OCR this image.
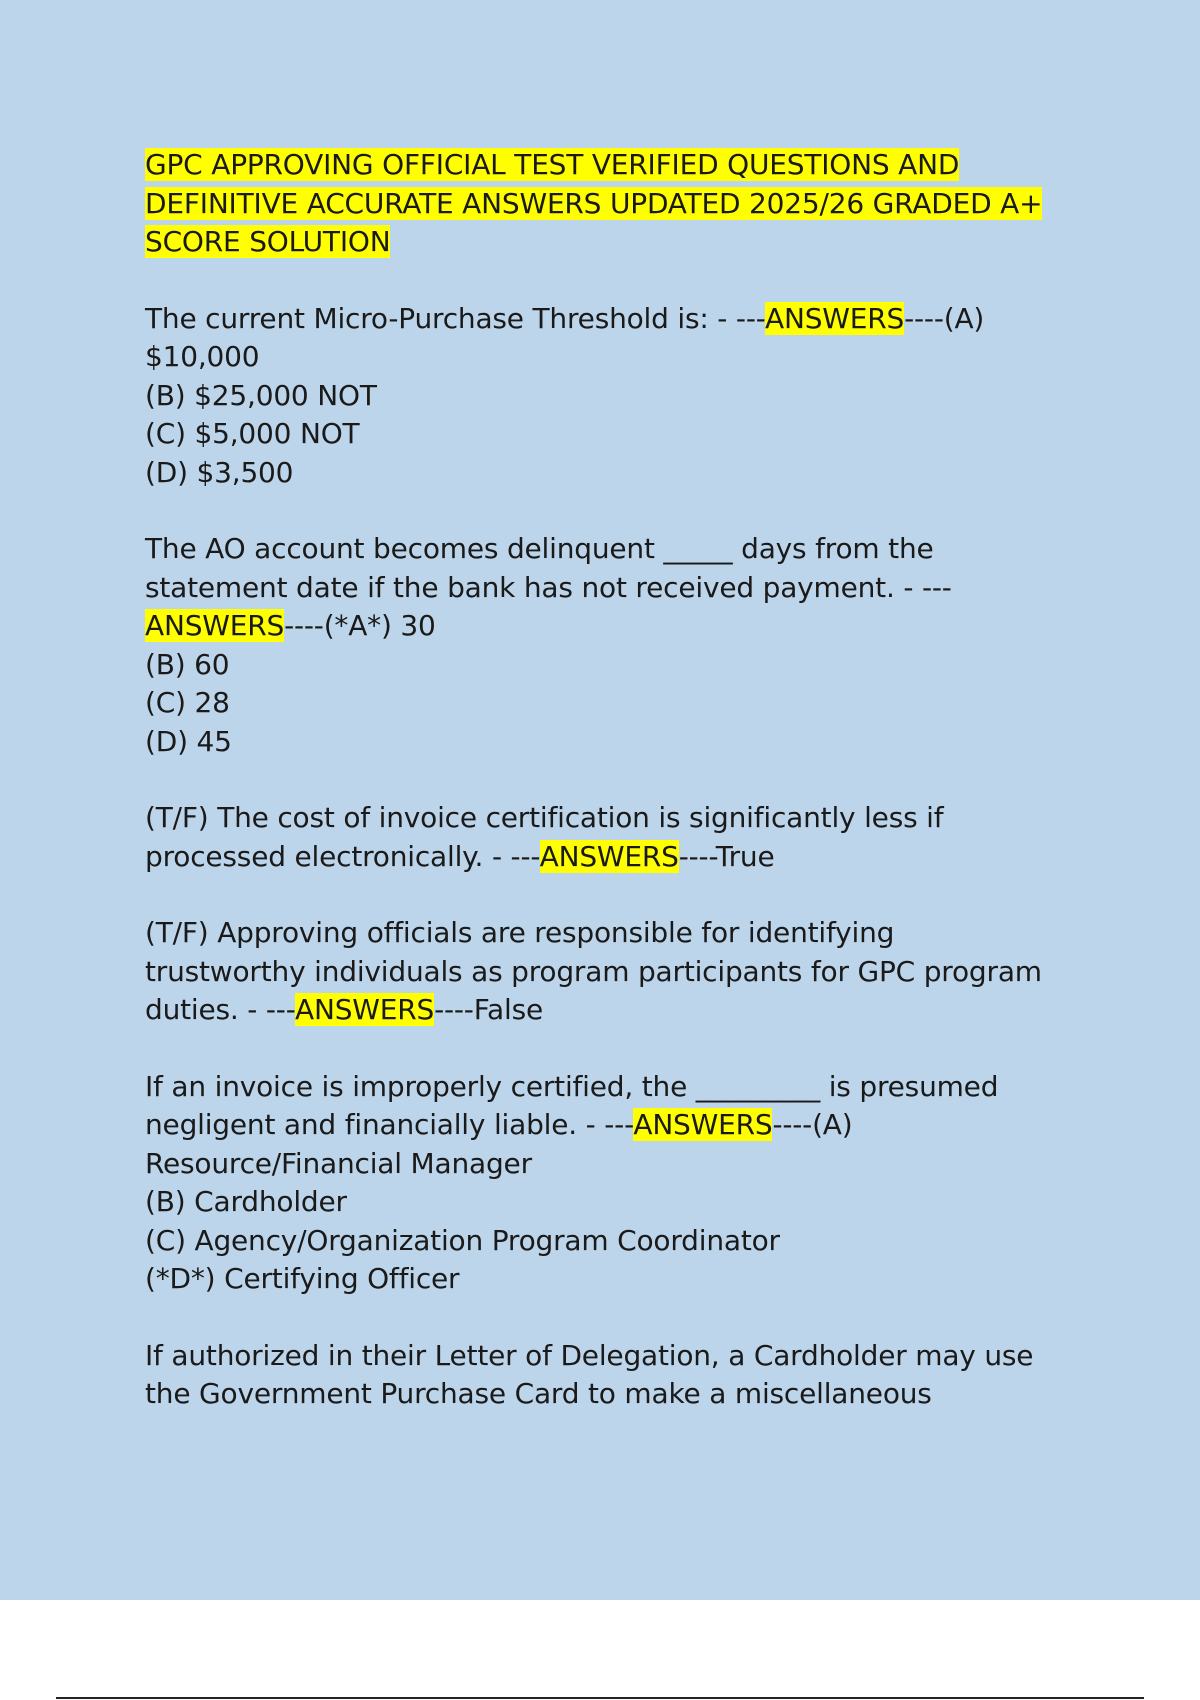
GPC APPROVING OFFICIAL TEST VERIFIED QUESTIONS AND
DEFINITIVE ACCURATE ANSWERS UPDATED 2025/26 GRADED A+
SCORE SOLUTION
The current Micro-Purchase Threshold is: - ---ANSWERS----(A)
$10,000
(B) $25,000 NOT
(C) $5,000 NOT
(D) $3,500
The AO account becomes delinquent _____ days from the
statement date if the bank has not received payment. - ---
ANSWERS----(*A*) 30
(B) 60
(C) 28
(D) 45
(T/F) The cost of invoice certification is significantly less if
processed electronically. - ---ANSWERS----True
(T/F) Approving officials are responsible for identifying
trustworthy individuals as program participants for GPC program
duties. - ---ANSWERS----False
If an invoice is improperly certified, the _________ is presumed
negligent and financially liable. - ---ANSWERS----(A)
Resource/Financial Manager
(B) Cardholder
(C) Agency/Organization Program Coordinator
(*D*) Certifying Officer
If authorized in their Letter of Delegation, a Cardholder may use
the Government Purchase Card to make a miscellaneous
